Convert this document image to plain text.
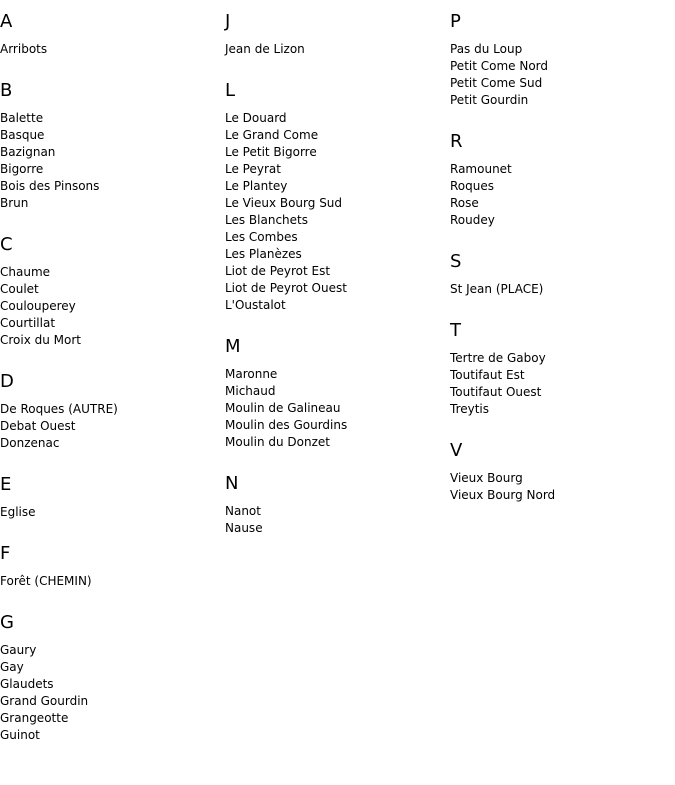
A
Arribots
B
Balette
Basque
Bazignan
Bigorre
Bois des Pinsons
Brun
C
Chaume
Coulet
Coulouperey
Courtillat
Croix du Mort
D
De Roques (AUTRE)
Debat Ouest
Donzenac
E
Eglise
F
Forêt (CHEMIN)
G
Gaury
Gay
Glaudets
Grand Gourdin
Grangeotte
Guinot
J
Jean de Lizon
L
Le Douard
Le Grand Come
Le Petit Bigorre
Le Peyrat
Le Plantey
Le Vieux Bourg Sud
Les Blanchets
Les Combes
Les Planèzes
Liot de Peyrot Est
Liot de Peyrot Ouest
L'Oustalot
M
Maronne
Michaud
Moulin de Galineau
Moulin des Gourdins
Moulin du Donzet
N
Nanot
Nause
P
Pas du Loup
Petit Come Nord
Petit Come Sud
Petit Gourdin
R
Ramounet
Roques
Rose
Roudey
S
St Jean (PLACE)
T
Tertre de Gaboy
Toutifaut Est
Toutifaut Ouest
Treytis
V
Vieux Bourg
Vieux Bourg Nord
